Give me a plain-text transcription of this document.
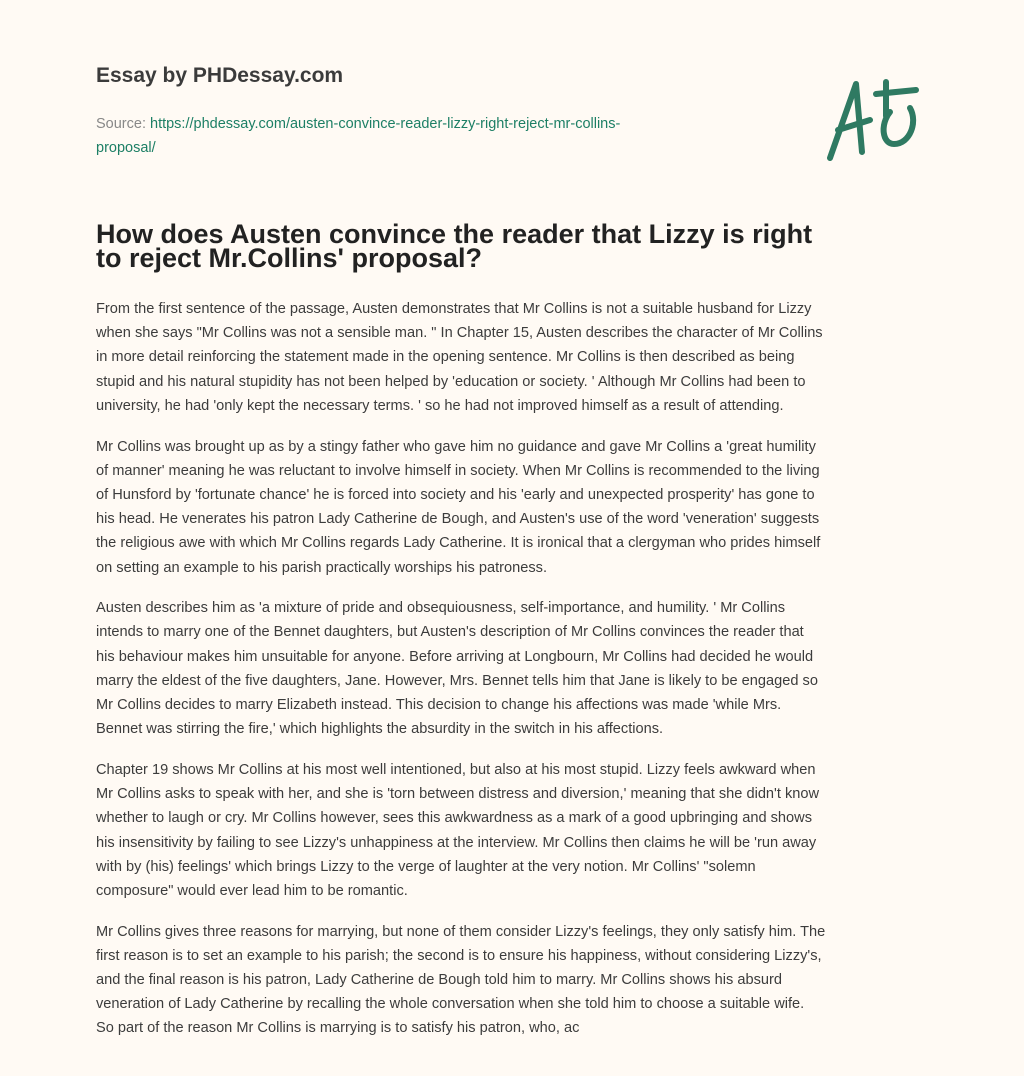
Essay by PHDessay.com
Source: https://phdessay.com/austen-convince-reader-lizzy-right-reject-mr-collins-
proposal/
How does Austen convince the reader that Lizzy is right
to reject Mr.Collins' proposal?

From the first sentence of the passage, Austen demonstrates that Mr Collins is not a suitable husband for Lizzy
when she says "Mr Collins was not a sensible man. " In Chapter 15, Austen describes the character of Mr Collins
in more detail reinforcing the statement made in the opening sentence. Mr Collins is then described as being
stupid and his natural stupidity has not been helped by 'education or society. ' Although Mr Collins had been to
university, he had 'only kept the necessary terms. ' so he had not improved himself as a result of attending.

Mr Collins was brought up as by a stingy father who gave him no guidance and gave Mr Collins a 'great humility
of manner' meaning he was reluctant to involve himself in society. When Mr Collins is recommended to the living
of Hunsford by 'fortunate chance' he is forced into society and his 'early and unexpected prosperity' has gone to
his head. He venerates his patron Lady Catherine de Bough, and Austen's use of the word 'veneration' suggests
the religious awe with which Mr Collins regards Lady Catherine. It is ironical that a clergyman who prides himself
on setting an example to his parish practically worships his patroness.

Austen describes him as 'a mixture of pride and obsequiousness, self-importance, and humility. ' Mr Collins
intends to marry one of the Bennet daughters, but Austen's description of Mr Collins convinces the reader that
his behaviour makes him unsuitable for anyone. Before arriving at Longbourn, Mr Collins had decided he would
marry the eldest of the five daughters, Jane. However, Mrs. Bennet tells him that Jane is likely to be engaged so
Mr Collins decides to marry Elizabeth instead. This decision to change his affections was made 'while Mrs.
Bennet was stirring the fire,' which highlights the absurdity in the switch in his affections.

Chapter 19 shows Mr Collins at his most well intentioned, but also at his most stupid. Lizzy feels awkward when
Mr Collins asks to speak with her, and she is 'torn between distress and diversion,' meaning that she didn't know
whether to laugh or cry. Mr Collins however, sees this awkwardness as a mark of a good upbringing and shows
his insensitivity by failing to see Lizzy's unhappiness at the interview. Mr Collins then claims he will be 'run away
with by (his) feelings' which brings Lizzy to the verge of laughter at the very notion. Mr Collins' "solemn
composure" would ever lead him to be romantic.

Mr Collins gives three reasons for marrying, but none of them consider Lizzy's feelings, they only satisfy him. The
first reason is to set an example to his parish; the second is to ensure his happiness, without considering Lizzy's,
and the final reason is his patron, Lady Catherine de Bough told him to marry. Mr Collins shows his absurd
veneration of Lady Catherine by recalling the whole conversation when she told him to choose a suitable wife.
So part of the reason Mr Collins is marrying is to satisfy his patron, who, ac
